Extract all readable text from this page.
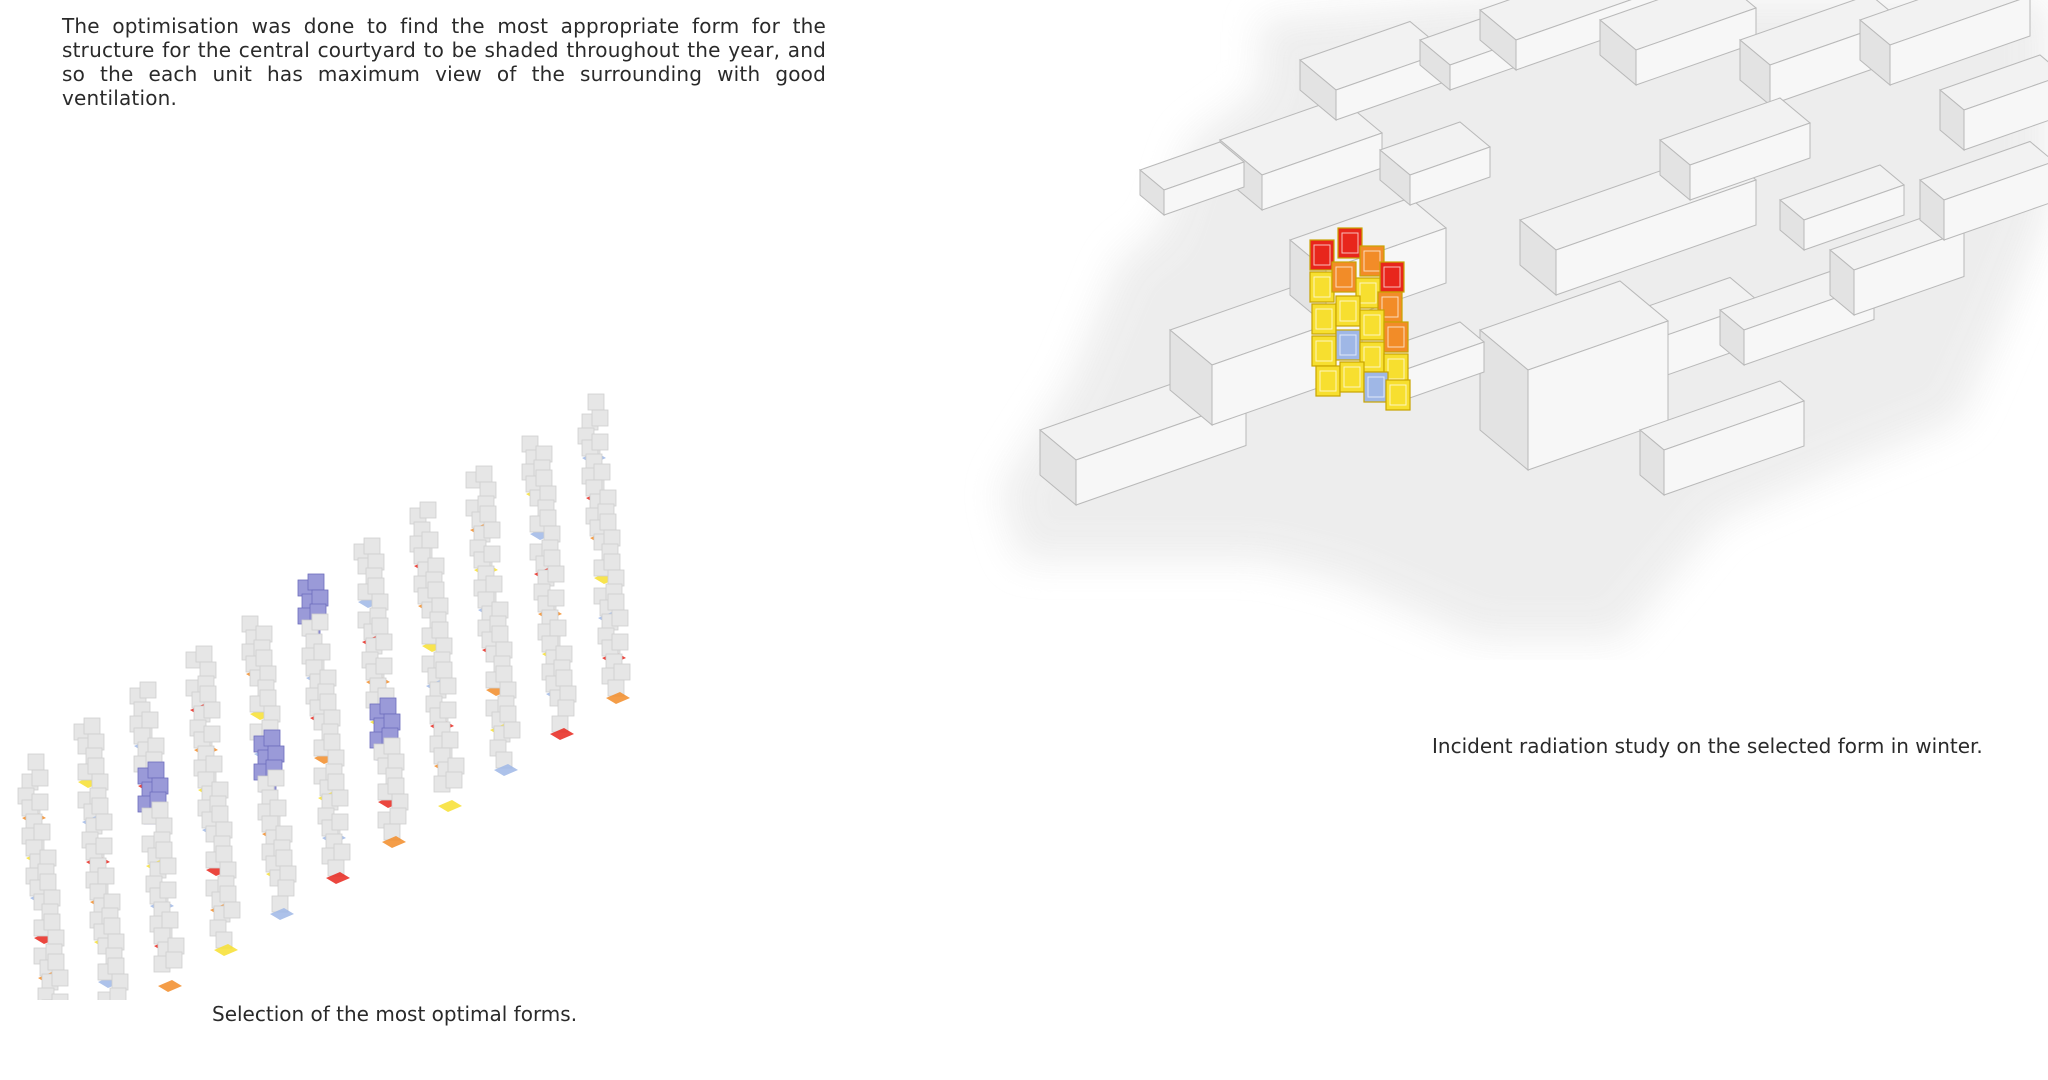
The optimisation was done to find the most appropriate form for the structure for the central courtyard to be shaded throughout the year, and so the each unit has maximum view of the surrounding with good ventilation.
Selection of the most optimal forms.
Incident radiation study on the selected form in winter.
